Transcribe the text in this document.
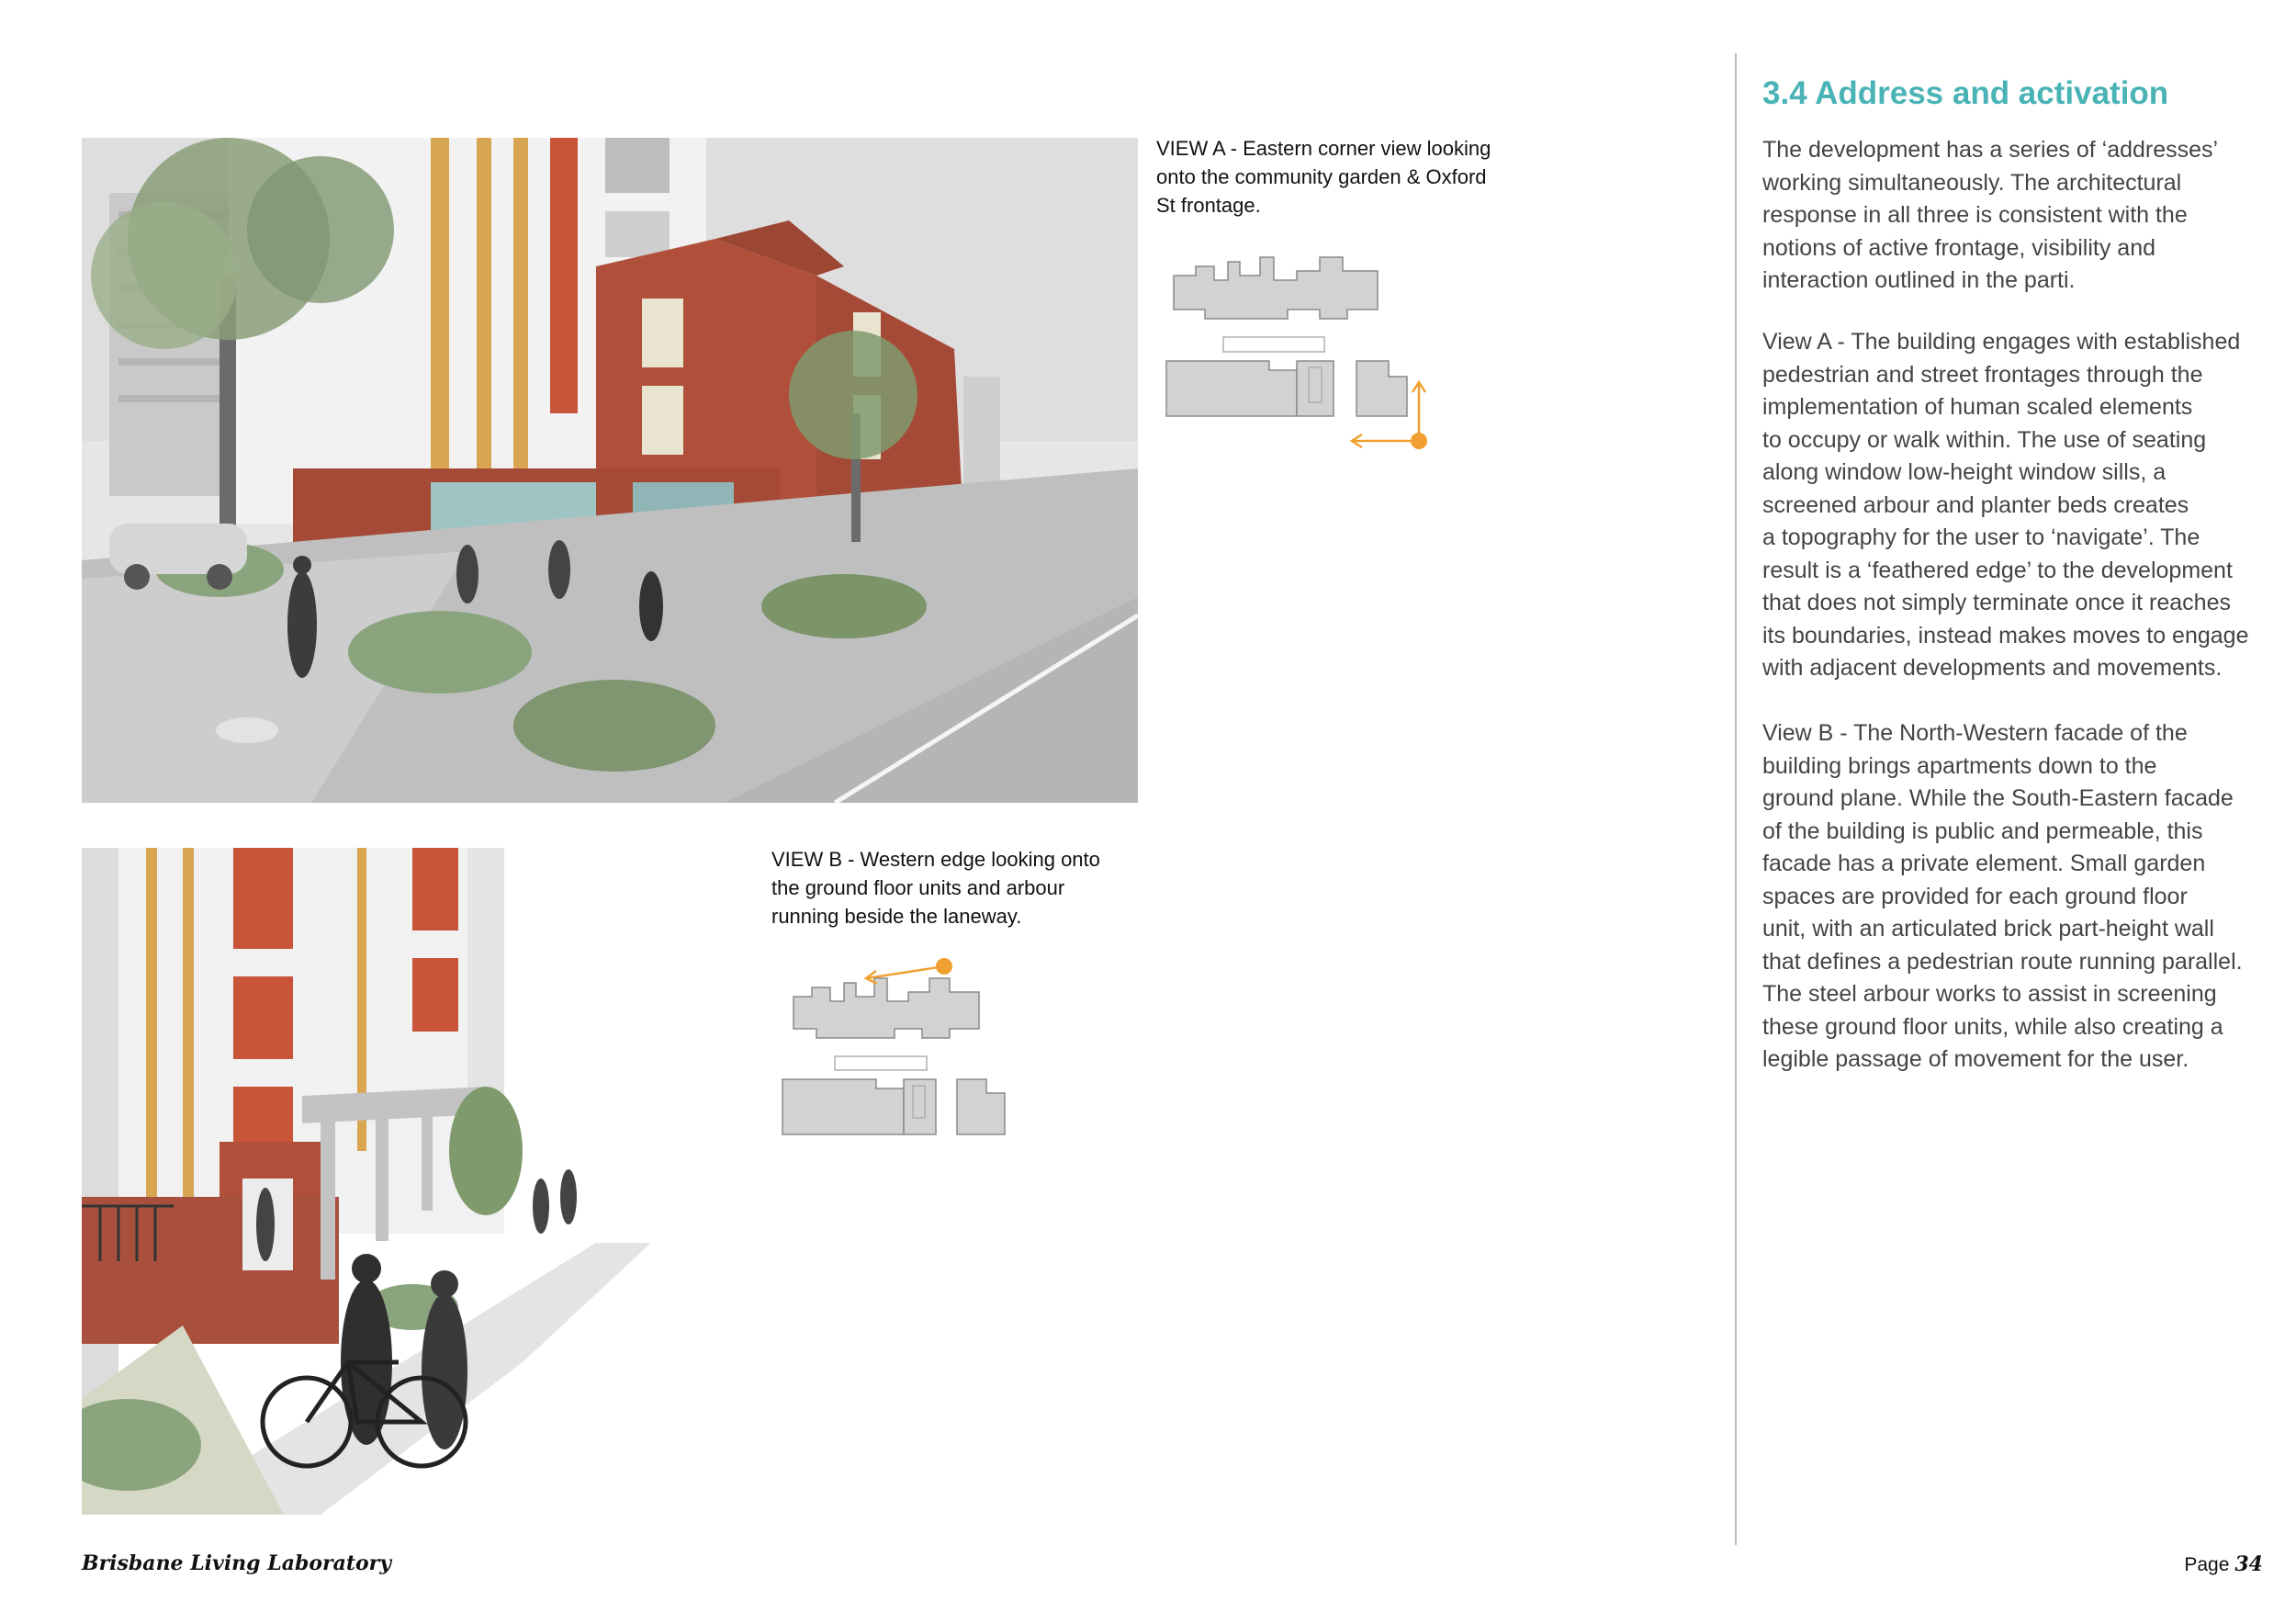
VIEW A - Eastern corner view looking
onto the community garden & Oxford
St frontage.
VIEW B - Western edge looking onto
the ground floor units and arbour
running beside the laneway.
3.4 Address and activation
The development has a series of ‘addresses’
working simultaneously. The architectural
response in all three is consistent with the
notions of active frontage, visibility and
interaction outlined in the parti.
View A - The building engages with established
pedestrian and street frontages through the
implementation of human scaled elements
to occupy or walk within. The use of seating
along window low-height window sills, a
screened arbour and planter beds creates
a topography for the user to ‘navigate’. The
result is a ‘feathered edge’ to the development
that does not simply terminate once it reaches
its boundaries, instead makes moves to engage
with adjacent developments and movements.
View B - The North-Western facade of the
building brings apartments down to the
ground plane. While the South-Eastern facade
of the building is public and permeable, this
facade has a private element. Small garden
spaces are provided for each ground floor
unit, with an articulated brick part-height wall
that defines a pedestrian route running parallel.
The steel arbour works to assist in screening
these ground floor units, while also creating a
legible passage of movement for the user.
Brisbane Living Laboratory	Page 34
